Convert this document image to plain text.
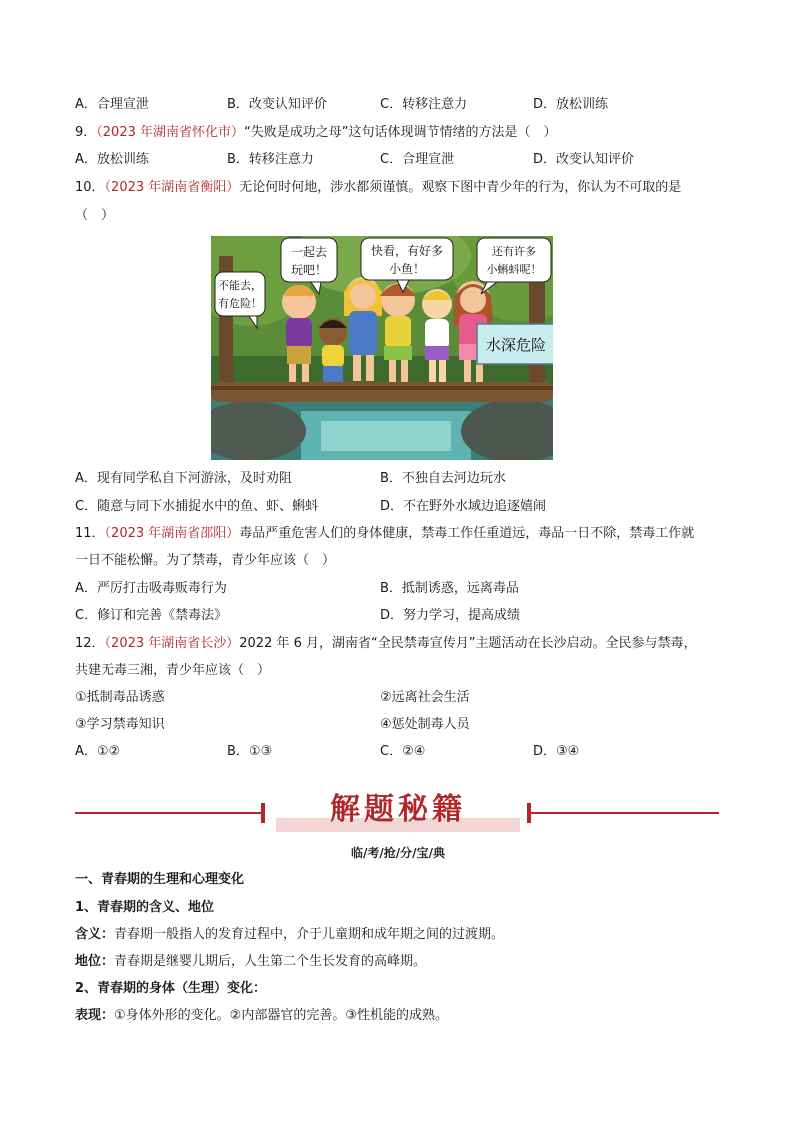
A．合理宣泄	B．改变认知评价	C．转移注意力	D．放松训练
9．（2023 年湖南省怀化市）“失败是成功之母”这句话体现调节情绪的方法是（　）
A．放松训练	B．转移注意力	C．合理宣泄	D．改变认知评价
10．（2023 年湖南省衡阳）无论何时何地，涉水都须谨慎。观察下图中青少年的行为，你认为不可取的是
（　）
水深危险
不能去，
有危险！
一起去
玩吧！
快看，有好多
小鱼！
还有许多
小蝌蚪呢！
A．现有同学私自下河游泳，及时劝阻	B．不独自去河边玩水
C．随意与同下水捕捉水中的鱼、虾、蝌蚪	D．不在野外水域边追逐嬉闹
11．（2023 年湖南省邵阳）毒品严重危害人们的身体健康，禁毒工作任重道远，毒品一日不除，禁毒工作就
一日不能松懈。为了禁毒，青少年应该（　）
A．严厉打击吸毒贩毒行为	B．抵制诱惑，远离毒品
C．修订和完善《禁毒法》	D．努力学习，提高成绩
12．（2023 年湖南省长沙）2022 年 6 月，湖南省“全民禁毒宣传月”主题活动在长沙启动。全民参与禁毒，
共建无毒三湘，青少年应该（　）
①抵制毒品诱惑	②远离社会生活
③学习禁毒知识	④惩处制毒人员
A．①②	B．①③	C．②④	D．③④
解题秘籍
临/考/抢/分/宝/典
一、青春期的生理和心理变化
1、青春期的含义、地位
含义：青春期一般指人的发育过程中，介于儿童期和成年期之间的过渡期。
地位：青春期是继婴儿期后，人生第二个生长发育的高峰期。
2、青春期的身体（生理）变化：
表现：①身体外形的变化。②内部器官的完善。③性机能的成熟。
